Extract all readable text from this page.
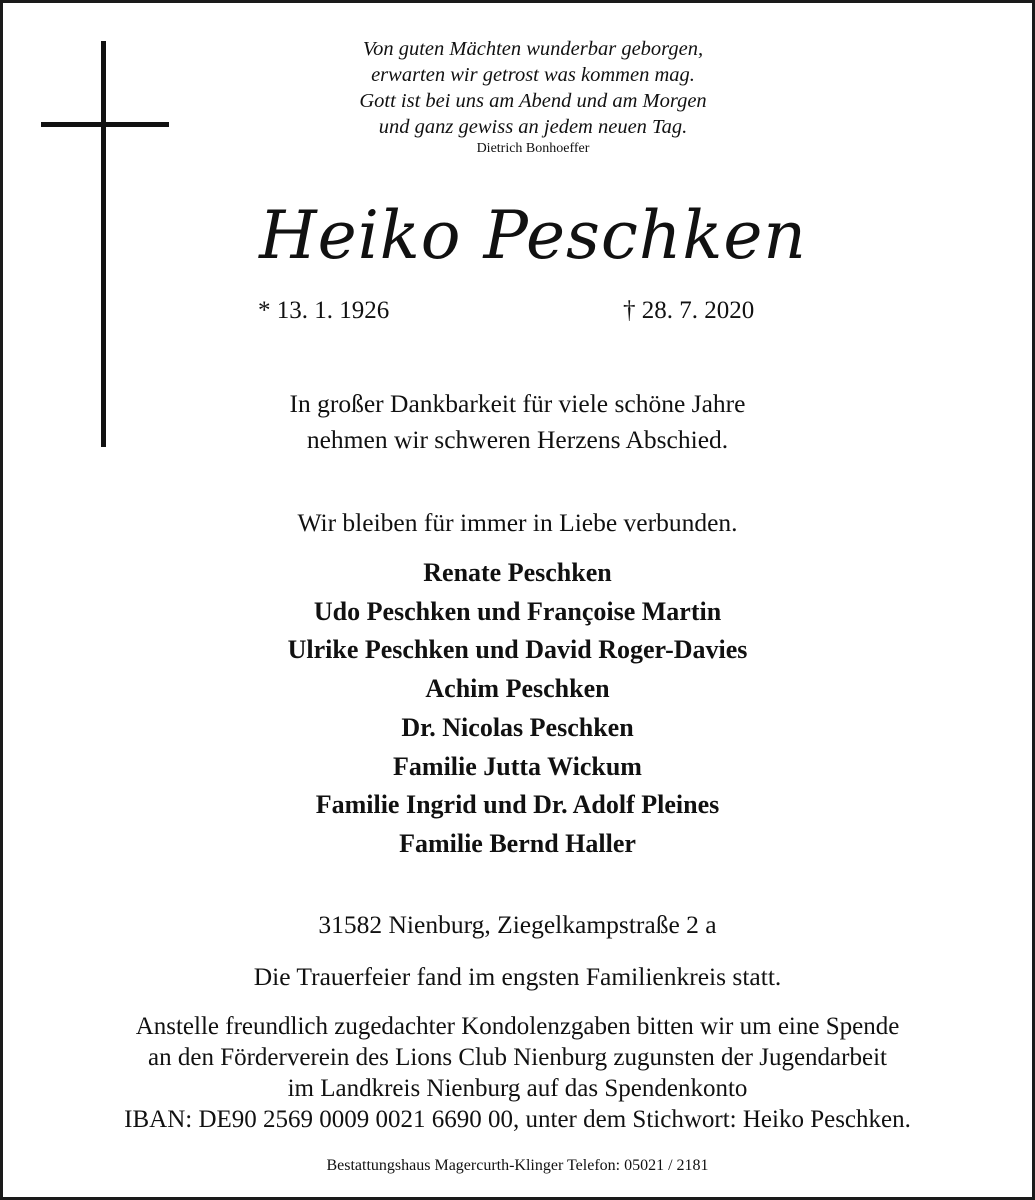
Von guten Mächten wunderbar geborgen,
erwarten wir getrost was kommen mag.
Gott ist bei uns am Abend und am Morgen
und ganz gewiss an jedem neuen Tag.
Dietrich Bonhoeffer
Heiko Peschken
* 13. 1. 1926	† 28. 7. 2020
In großer Dankbarkeit für viele schöne Jahre
nehmen wir schweren Herzens Abschied.
Wir bleiben für immer in Liebe verbunden.
Renate Peschken
Udo Peschken und Françoise Martin
Ulrike Peschken und David Roger-Davies
Achim Peschken
Dr. Nicolas Peschken
Familie Jutta Wickum
Familie Ingrid und Dr. Adolf Pleines
Familie Bernd Haller
31582 Nienburg, Ziegelkampstraße 2 a
Die Trauerfeier fand im engsten Familienkreis statt.
Anstelle freundlich zugedachter Kondolenzgaben bitten wir um eine Spende
an den Förderverein des Lions Club Nienburg zugunsten der Jugendarbeit
im Landkreis Nienburg auf das Spendenkonto
IBAN: DE90 2569 0009 0021 6690 00, unter dem Stichwort: Heiko Peschken.
Bestattungshaus Magercurth-Klinger Telefon: 05021 / 2181
